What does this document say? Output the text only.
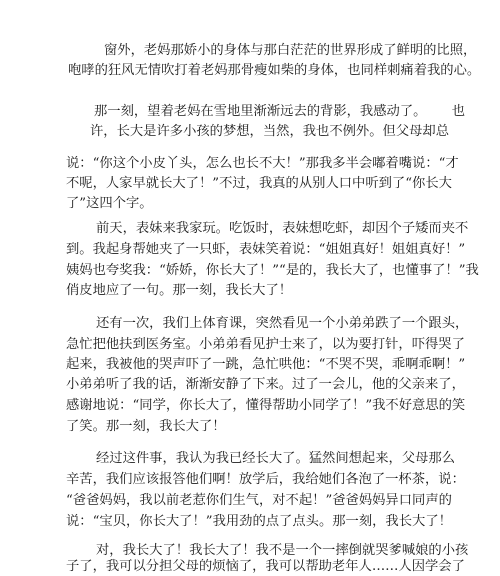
窗外，老妈那娇小的身体与那白茫茫的世界形成了鲜明的比照，
咆哮的狂风无情吹打着老妈那骨瘦如柴的身体，也同样刺痛着我的心。
那一刻，望着老妈在雪地里渐渐远去的背影，我感动了。      也
许，长大是许多小孩的梦想，当然，我也不例外。但父母却总
说：“你这个小皮丫头，怎么也长不大！”那我多半会嘟着嘴说：“才
不呢，人家早就长大了！”不过，我真的从别人口中听到了“你长大
了”这四个字。
前天，表妹来我家玩。吃饭时，表妹想吃虾，却因个子矮而夹不
到。我起身帮她夹了一只虾，表妹笑着说：“姐姐真好！姐姐真好！”
姨妈也夸奖我：“娇娇，你长大了！”“是的，我长大了，也懂事了！”我
俏皮地应了一句。那一刻，我长大了！
还有一次，我们上体育课，突然看见一个小弟弟跌了一个跟头，
急忙把他扶到医务室。小弟弟看见护士来了，以为要打针，吓得哭了
起来，我被他的哭声吓了一跳，急忙哄他：“不哭不哭，乖啊乖啊！”
小弟弟听了我的话，渐渐安静了下来。过了一会儿，他的父亲来了，
感谢地说：“同学，你长大了，懂得帮助小同学了！”我不好意思的笑
了笑。那一刻，我长大了！
经过这件事，我认为我已经长大了。猛然间想起来，父母那么
辛苦，我们应该报答他们啊！放学后，我给她们各泡了一杯茶，说：
“爸爸妈妈，我以前老惹你们生气，对不起！”爸爸妈妈异口同声的
说：“宝贝，你长大了！”我用劲的点了点头。那一刻，我长大了！
对，我长大了！我长大了！我不是一个一摔倒就哭爹喊娘的小孩
子了，我可以分担父母的烦恼了，我可以帮助老年人……人因学会了
